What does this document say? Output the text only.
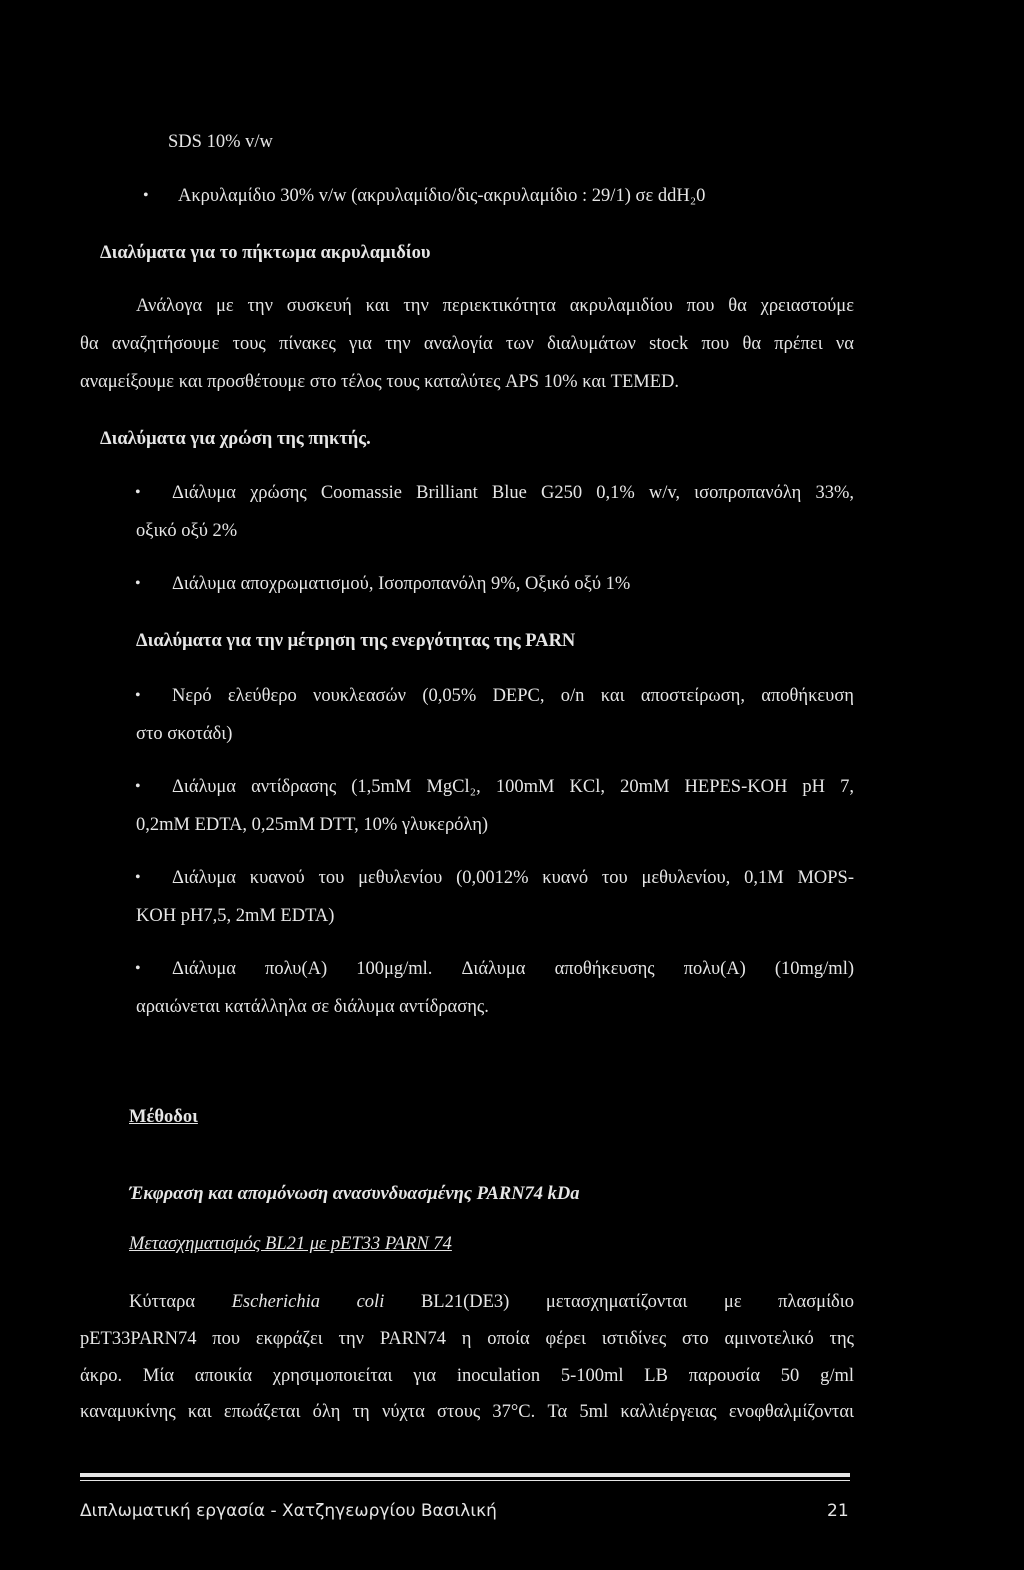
SDS 10% v/w
• Ακρυλαμίδιο 30% v/w (ακρυλαμίδιο/δις-ακρυλαμίδιο : 29/1) σε ddH₂0
Διαλύματα για το πήκτωμα ακρυλαμιδίου
Ανάλογα με την συσκευή και την περιεκτικότητα ακρυλαμιδίου που θα χρειαστούμε
θα αναζητήσουμε τους πίνακες για την αναλογία των διαλυμάτων stock που θα πρέπει να
αναμείξουμε και προσθέτουμε στο τέλος τους καταλύτες APS 10% και TEMED.
Διαλύματα για χρώση της πηκτής.
• Διάλυμα χρώσης Coomassie Brilliant Blue G250 0,1% w/v, ισοπροπανόλη 33%,
οξικό οξύ 2%
• Διάλυμα αποχρωματισμού, Ισοπροπανόλη 9%, Οξικό οξύ 1%
Διαλύματα για την μέτρηση της ενεργότητας της PARN
• Νερό ελεύθερο νουκλεασών (0,05% DEPC, o/n και αποστείρωση, αποθήκευση
στο σκοτάδι)
• Διάλυμα αντίδρασης (1,5mM MgCl₂, 100mM KCl, 20mM HEPES-KOH pH 7,
0,2mM EDTA, 0,25mM DTT, 10% γλυκερόλη)
• Διάλυμα κυανού του μεθυλενίου (0,0012% κυανό του μεθυλενίου, 0,1M MOPS-
KOH pH7,5, 2mM EDTA)
• Διάλυμα πολυ(A) 100μg/ml. Διάλυμα αποθήκευσης πολυ(A) (10mg/ml)
αραιώνεται κατάλληλα σε διάλυμα αντίδρασης.
Μέθοδοι
Έκφραση και απομόνωση ανασυνδυασμένης PARN74 kDa
Μετασχηματισμός BL21 με pET33 PARN 74
Κύτταρα Escherichia coli BL21(DE3) μετασχηματίζονται με πλασμίδιο
pET33PARN74 που εκφράζει την PARN74 η οποία φέρει ιστιδίνες στο αμινοτελικό της
άκρο. Μία αποικία χρησιμοποιείται για inoculation 5-100ml LB παρουσία 50 g/ml
καναμυκίνης και επωάζεται όλη τη νύχτα στους 37°C. Τα 5ml καλλιέργειας ενοφθαλμίζονται
Διπλωματική εργασία - Χατζηγεωργίου Βασιλική	21
